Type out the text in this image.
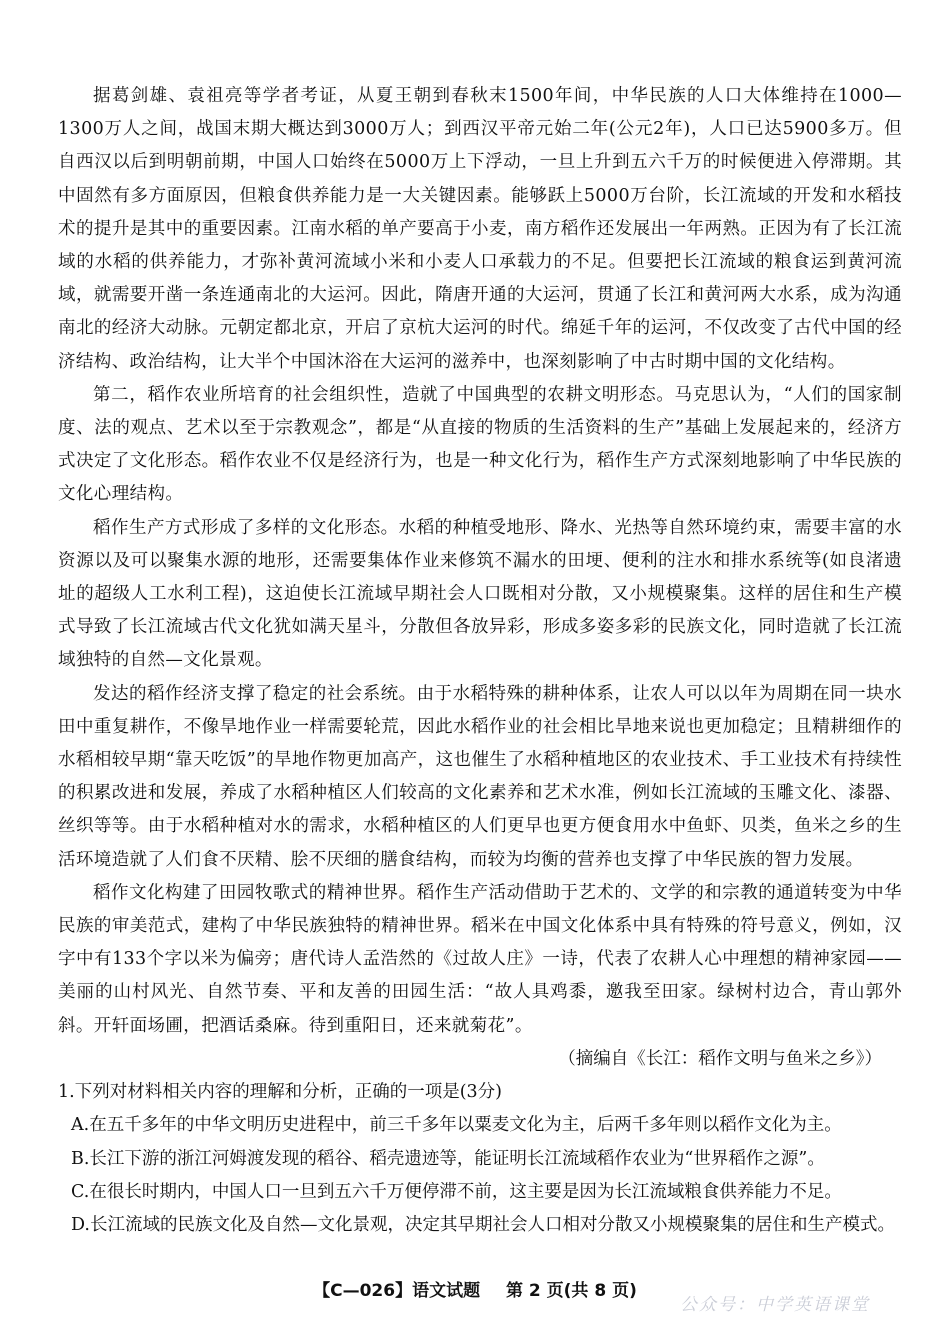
据葛剑雄、袁祖亮等学者考证，从夏王朝到春秋末1500年间，中华民族的人口大体维持在1000—1300万人之间，战国末期大概达到3000万人；到西汉平帝元始二年(公元2年)，人口已达5900多万。但自西汉以后到明朝前期，中国人口始终在5000万上下浮动，一旦上升到五六千万的时候便进入停滞期。其中固然有多方面原因，但粮食供养能力是一大关键因素。能够跃上5000万台阶，长江流域的开发和水稻技术的提升是其中的重要因素。江南水稻的单产要高于小麦，南方稻作还发展出一年两熟。正因为有了长江流域的水稻的供养能力，才弥补黄河流域小米和小麦人口承载力的不足。但要把长江流域的粮食运到黄河流域，就需要开凿一条连通南北的大运河。因此，隋唐开通的大运河，贯通了长江和黄河两大水系，成为沟通南北的经济大动脉。元朝定都北京，开启了京杭大运河的时代。绵延千年的运河，不仅改变了古代中国的经济结构、政治结构，让大半个中国沐浴在大运河的滋养中，也深刻影响了中古时期中国的文化结构。

第二，稻作农业所培育的社会组织性，造就了中国典型的农耕文明形态。马克思认为，“人们的国家制度、法的观点、艺术以至于宗教观念”，都是“从直接的物质的生活资料的生产”基础上发展起来的，经济方式决定了文化形态。稻作农业不仅是经济行为，也是一种文化行为，稻作生产方式深刻地影响了中华民族的文化心理结构。

稻作生产方式形成了多样的文化形态。水稻的种植受地形、降水、光热等自然环境约束，需要丰富的水资源以及可以聚集水源的地形，还需要集体作业来修筑不漏水的田埂、便利的注水和排水系统等(如良渚遗址的超级人工水利工程)，这迫使长江流域早期社会人口既相对分散，又小规模聚集。这样的居住和生产模式导致了长江流域古代文化犹如满天星斗，分散但各放异彩，形成多姿多彩的民族文化，同时造就了长江流域独特的自然—文化景观。

发达的稻作经济支撑了稳定的社会系统。由于水稻特殊的耕种体系，让农人可以以年为周期在同一块水田中重复耕作，不像旱地作业一样需要轮荒，因此水稻作业的社会相比旱地来说也更加稳定；且精耕细作的水稻相较早期“靠天吃饭”的旱地作物更加高产，这也催生了水稻种植地区的农业技术、手工业技术有持续性的积累改进和发展，养成了水稻种植区人们较高的文化素养和艺术水准，例如长江流域的玉雕文化、漆器、丝织等等。由于水稻种植对水的需求，水稻种植区的人们更早也更方便食用水中鱼虾、贝类，鱼米之乡的生活环境造就了人们食不厌精、脍不厌细的膳食结构，而较为均衡的营养也支撑了中华民族的智力发展。

稻作文化构建了田园牧歌式的精神世界。稻作生产活动借助于艺术的、文学的和宗教的通道转变为中华民族的审美范式，建构了中华民族独特的精神世界。稻米在中国文化体系中具有特殊的符号意义，例如，汉字中有133个字以米为偏旁；唐代诗人孟浩然的《过故人庄》一诗，代表了农耕人心中理想的精神家园——美丽的山村风光、自然节奏、平和友善的田园生活：“故人具鸡黍，邀我至田家。绿树村边合，青山郭外斜。开轩面场圃，把酒话桑麻。待到重阳日，还来就菊花”。

（摘编自《长江：稻作文明与鱼米之乡》）

1.下列对材料相关内容的理解和分析，正确的一项是(3分)

A.在五千多年的中华文明历史进程中，前三千多年以粟麦文化为主，后两千多年则以稻作文化为主。

B.长江下游的浙江河姆渡发现的稻谷、稻壳遗迹等，能证明长江流域稻作农业为“世界稻作之源”。

C.在很长时期内，中国人口一旦到五六千万便停滞不前，这主要是因为长江流域粮食供养能力不足。

D.长江流域的民族文化及自然—文化景观，决定其早期社会人口相对分散又小规模聚集的居住和生产模式。

【C—026】语文试题 第 2 页(共 8 页)
公众号：中学英语课堂
